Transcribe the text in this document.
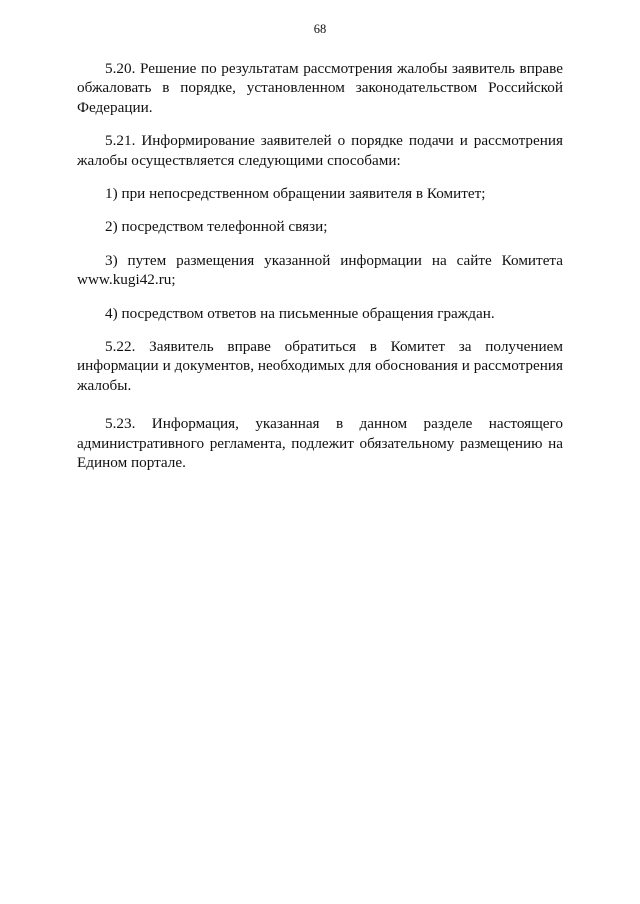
68

5.20. Решение по результатам рассмотрения жалобы заявитель вправе обжаловать в порядке, установленном законодательством Российской Федерации.

5.21. Информирование заявителей о порядке подачи и рассмотрения жалобы осуществляется следующими способами:

1) при непосредственном обращении заявителя в Комитет;

2) посредством телефонной связи;

3) путем размещения указанной информации на сайте Комитета www.kugi42.ru;

4) посредством ответов на письменные обращения граждан.

5.22. Заявитель вправе обратиться в Комитет за получением информации и документов, необходимых для обоснования и рассмотрения жалобы.

5.23. Информация, указанная в данном разделе настоящего административного регламента, подлежит обязательному размещению на Едином портале.
